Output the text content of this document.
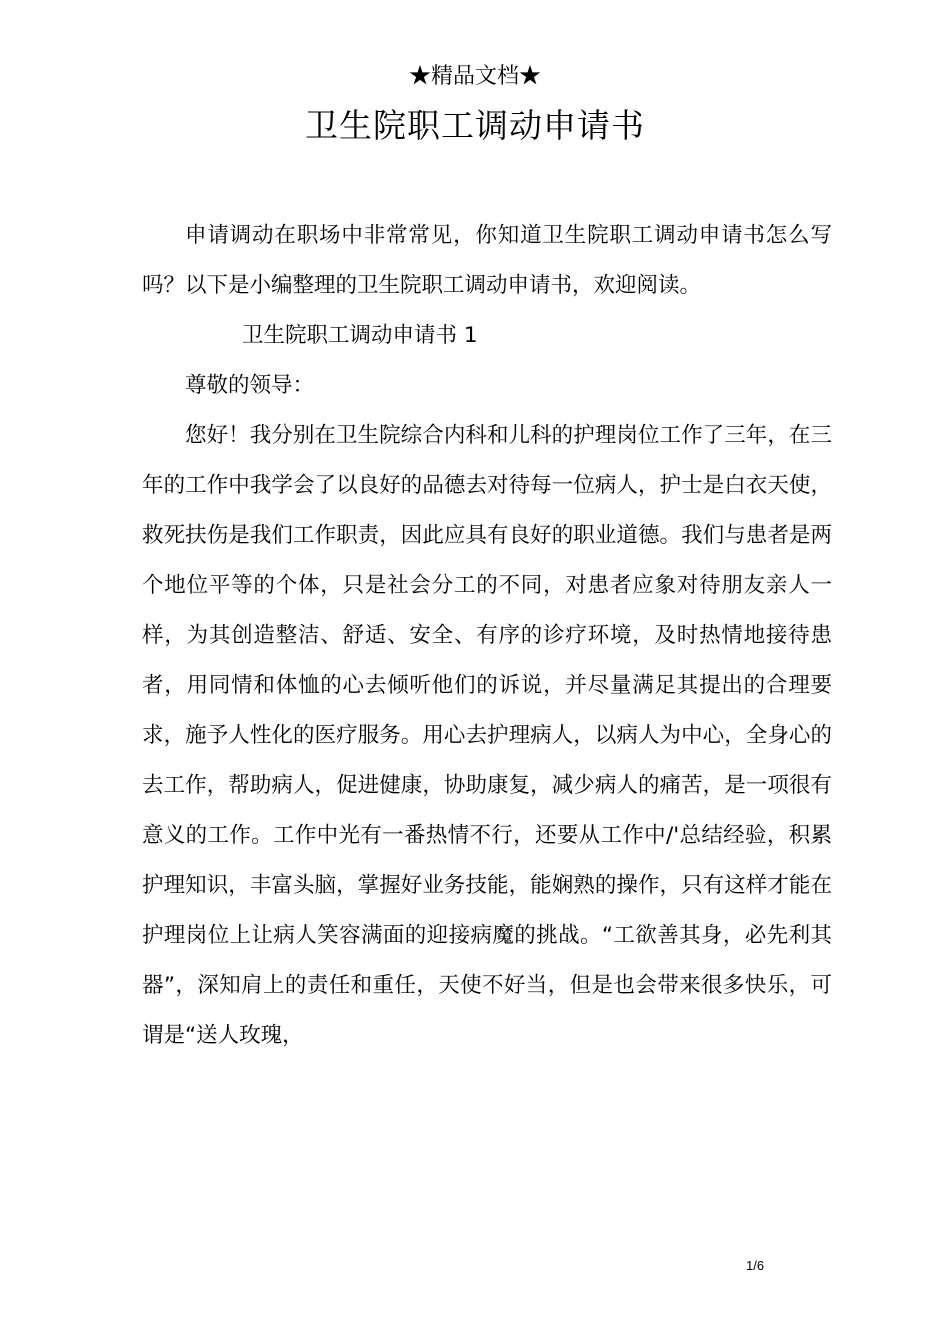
★精品文档★
卫生院职工调动申请书

申请调动在职场中非常常见，你知道卫生院职工调动申请书怎么写吗？以下是小编整理的卫生院职工调动申请书，欢迎阅读。

卫生院职工调动申请书 1

尊敬的领导：

您好！我分别在卫生院综合内科和儿科的护理岗位工作了三年，在三年的工作中我学会了以良好的品德去对待每一位病人，护士是白衣天使，救死扶伤是我们工作职责，因此应具有良好的职业道德。我们与患者是两个地位平等的个体，只是社会分工的不同，对患者应象对待朋友亲人一样，为其创造整洁、舒适、安全、有序的诊疗环境，及时热情地接待患者，用同情和体恤的心去倾听他们的诉说，并尽量满足其提出的合理要求，施予人性化的医疗服务。用心去护理病人，以病人为中心，全身心的去工作，帮助病人，促进健康，协助康复，减少病人的痛苦，是一项很有意义的工作。工作中光有一番热情不行，还要从工作中/'总结经验，积累护理知识，丰富头脑，掌握好业务技能，能娴熟的操作，只有这样才能在护理岗位上让病人笑容满面的迎接病魔的挑战。“工欲善其身，必先利其器”，深知肩上的责任和重任，天使不好当，但是也会带来很多快乐，可谓是“送人玫瑰，

1/6
